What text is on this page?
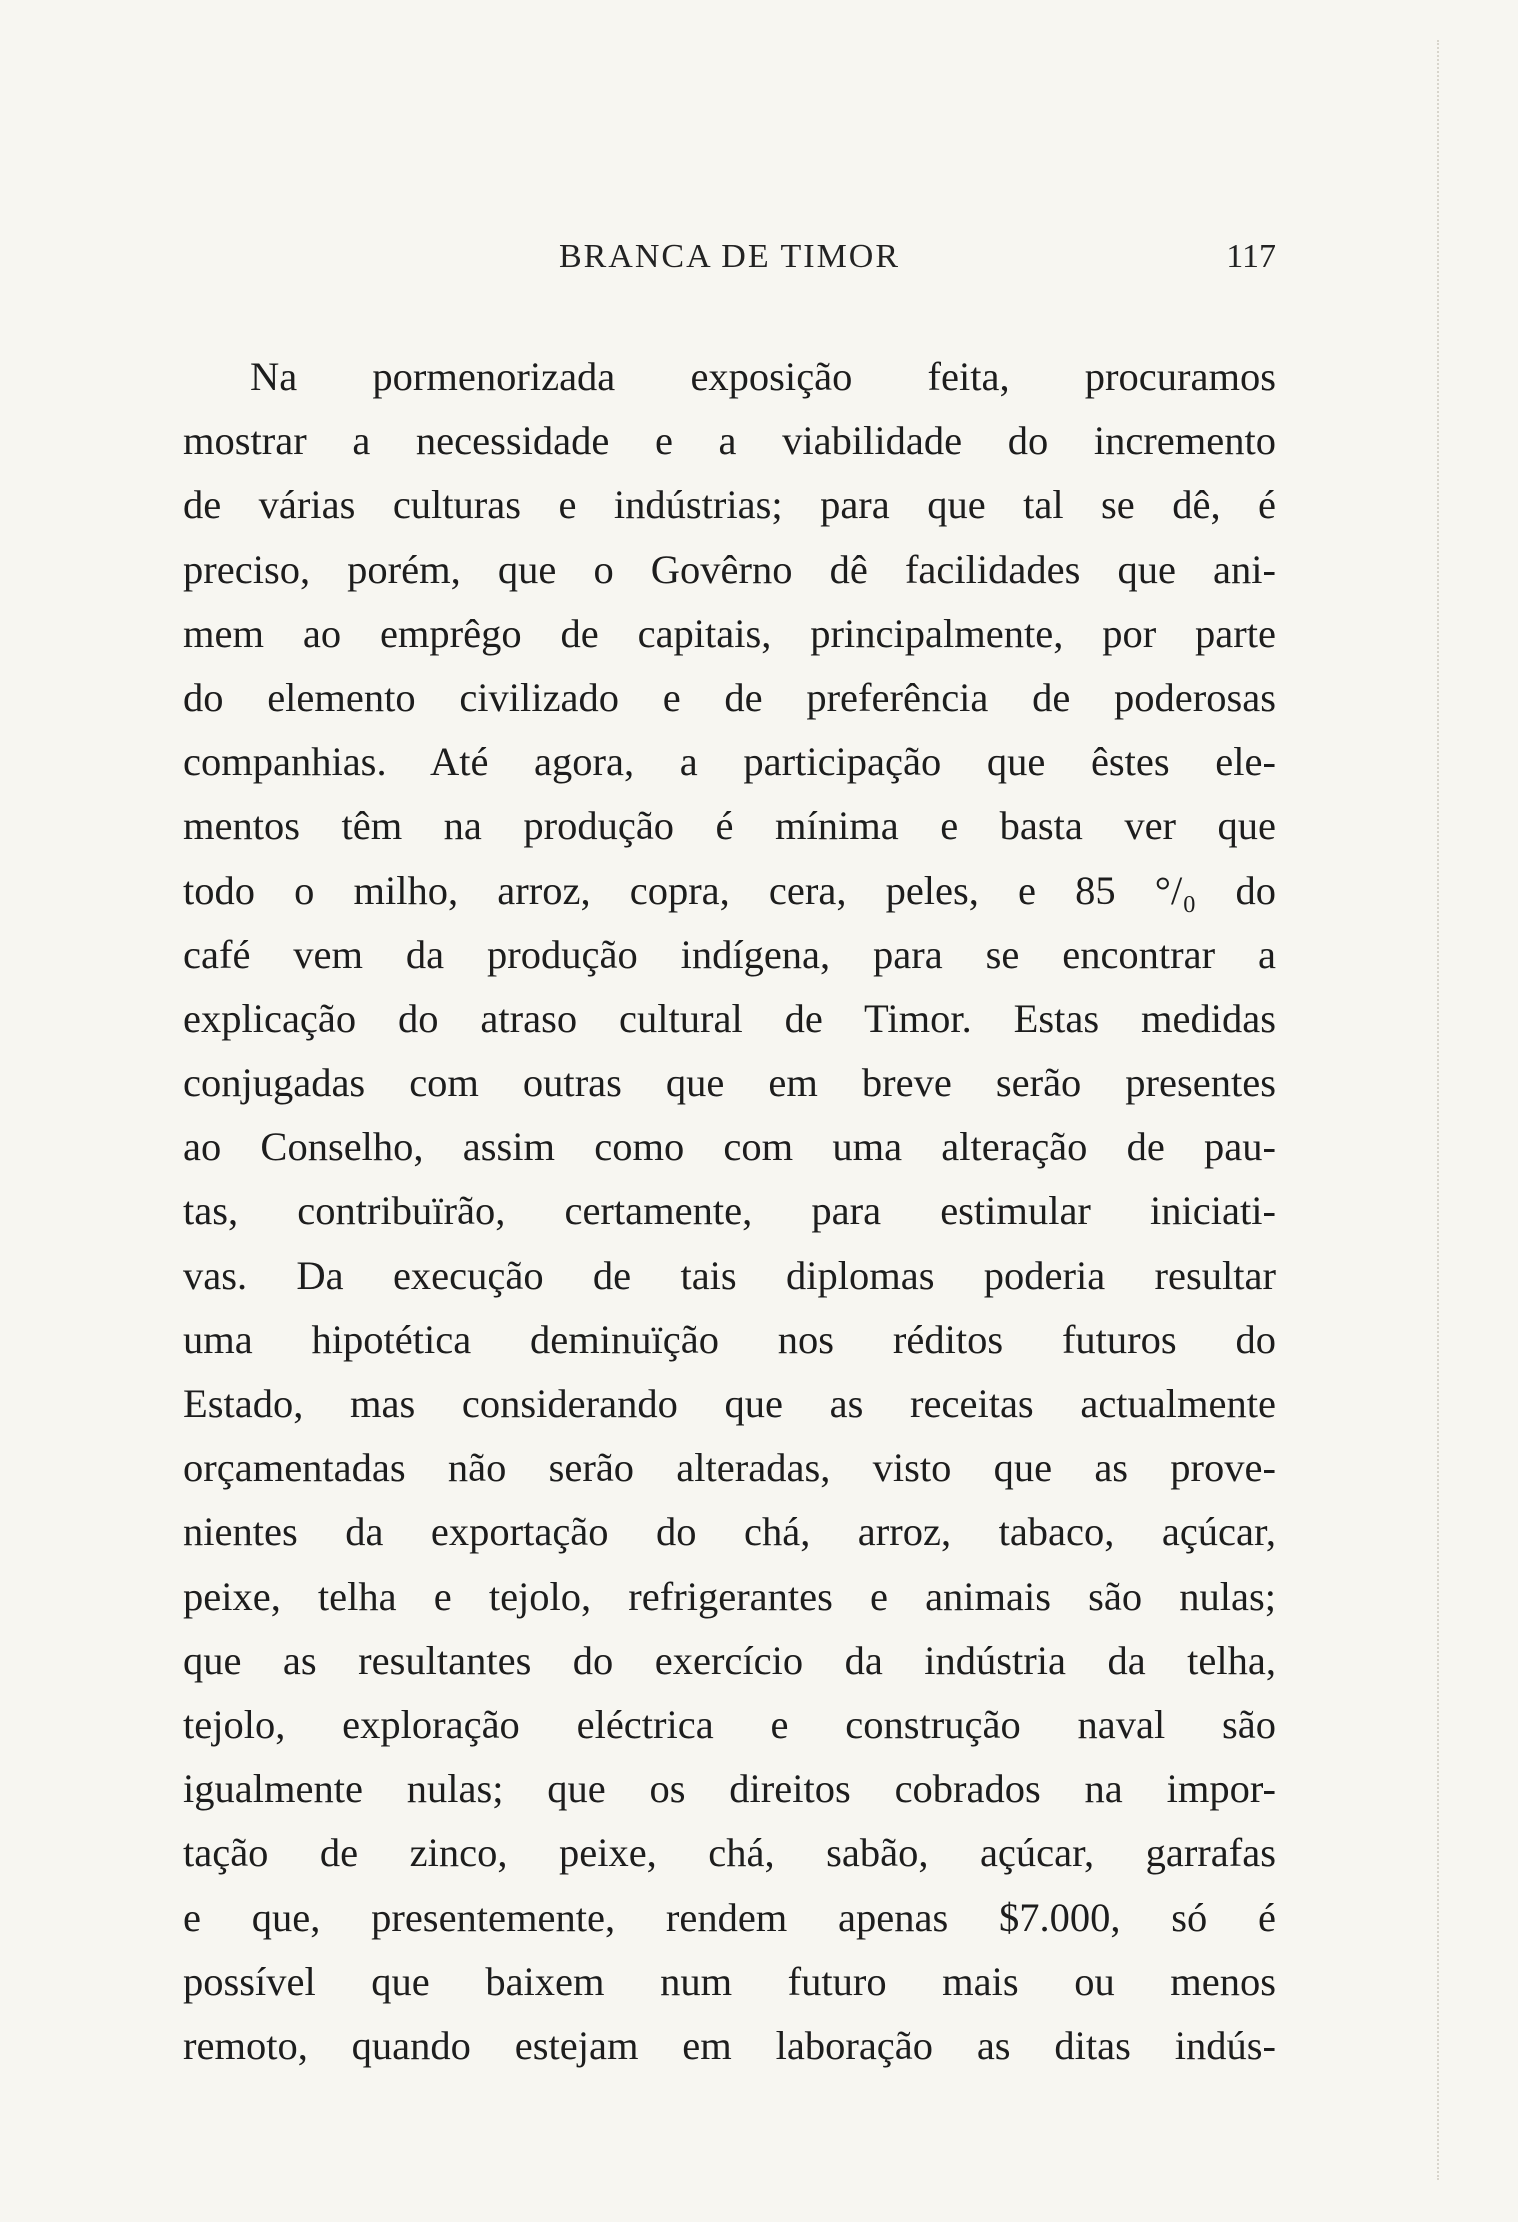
BRANCA DE TIMOR	117
Na pormenorizada exposição feita, procuramos
mostrar a necessidade e a viabilidade do incremento
de várias culturas e indústrias; para que tal se dê, é
preciso, porém, que o Govêrno dê facilidades que ani-
mem ao emprêgo de capitais, principalmente, por parte
do elemento civilizado e de preferência de poderosas
companhias. Até agora, a participação que êstes ele-
mentos têm na produção é mínima e basta ver que
todo o milho, arroz, copra, cera, peles, e 85 °/₀ do
café vem da produção indígena, para se encontrar a
explicação do atraso cultural de Timor. Estas medidas
conjugadas com outras que em breve serão presentes
ao Conselho, assim como com uma alteração de pau-
tas, contribuïrão, certamente, para estimular iniciati-
vas. Da execução de tais diplomas poderia resultar
uma hipotética deminuïção nos réditos futuros do
Estado, mas considerando que as receitas actualmente
orçamentadas não serão alteradas, visto que as prove-
nientes da exportação do chá, arroz, tabaco, açúcar,
peixe, telha e tejolo, refrigerantes e animais são nulas;
que as resultantes do exercício da indústria da telha,
tejolo, exploração eléctrica e construção naval são
igualmente nulas; que os direitos cobrados na impor-
tação de zinco, peixe, chá, sabão, açúcar, garrafas
e que, presentemente, rendem apenas $7.000, só é
possível que baixem num futuro mais ou menos
remoto, quando estejam em laboração as ditas indús-
